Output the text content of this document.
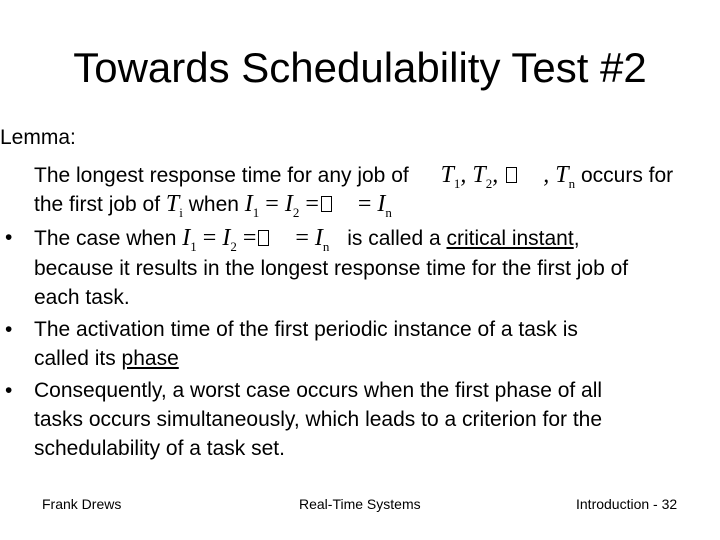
Towards Schedulability Test #2
Lemma:
The longest response time for any job of $T_1$, $T_2$,     , $T_n$ occurs for
the first job of $T_i$ when $I_1 = I_2$ = = $I_n$
• The case when $I_1 = I_2$ = = $I_n$ is called a critical instant,
because it results in the longest response time for the first job of
each task.
• The activation time of the first periodic instance of a task is
called its phase
• Consequently, a worst case occurs when the first phase of all
tasks occurs simultaneously, which leads to a criterion for the
schedulability of a task set.
Frank Drews	Real-Time Systems	Introduction - 32
